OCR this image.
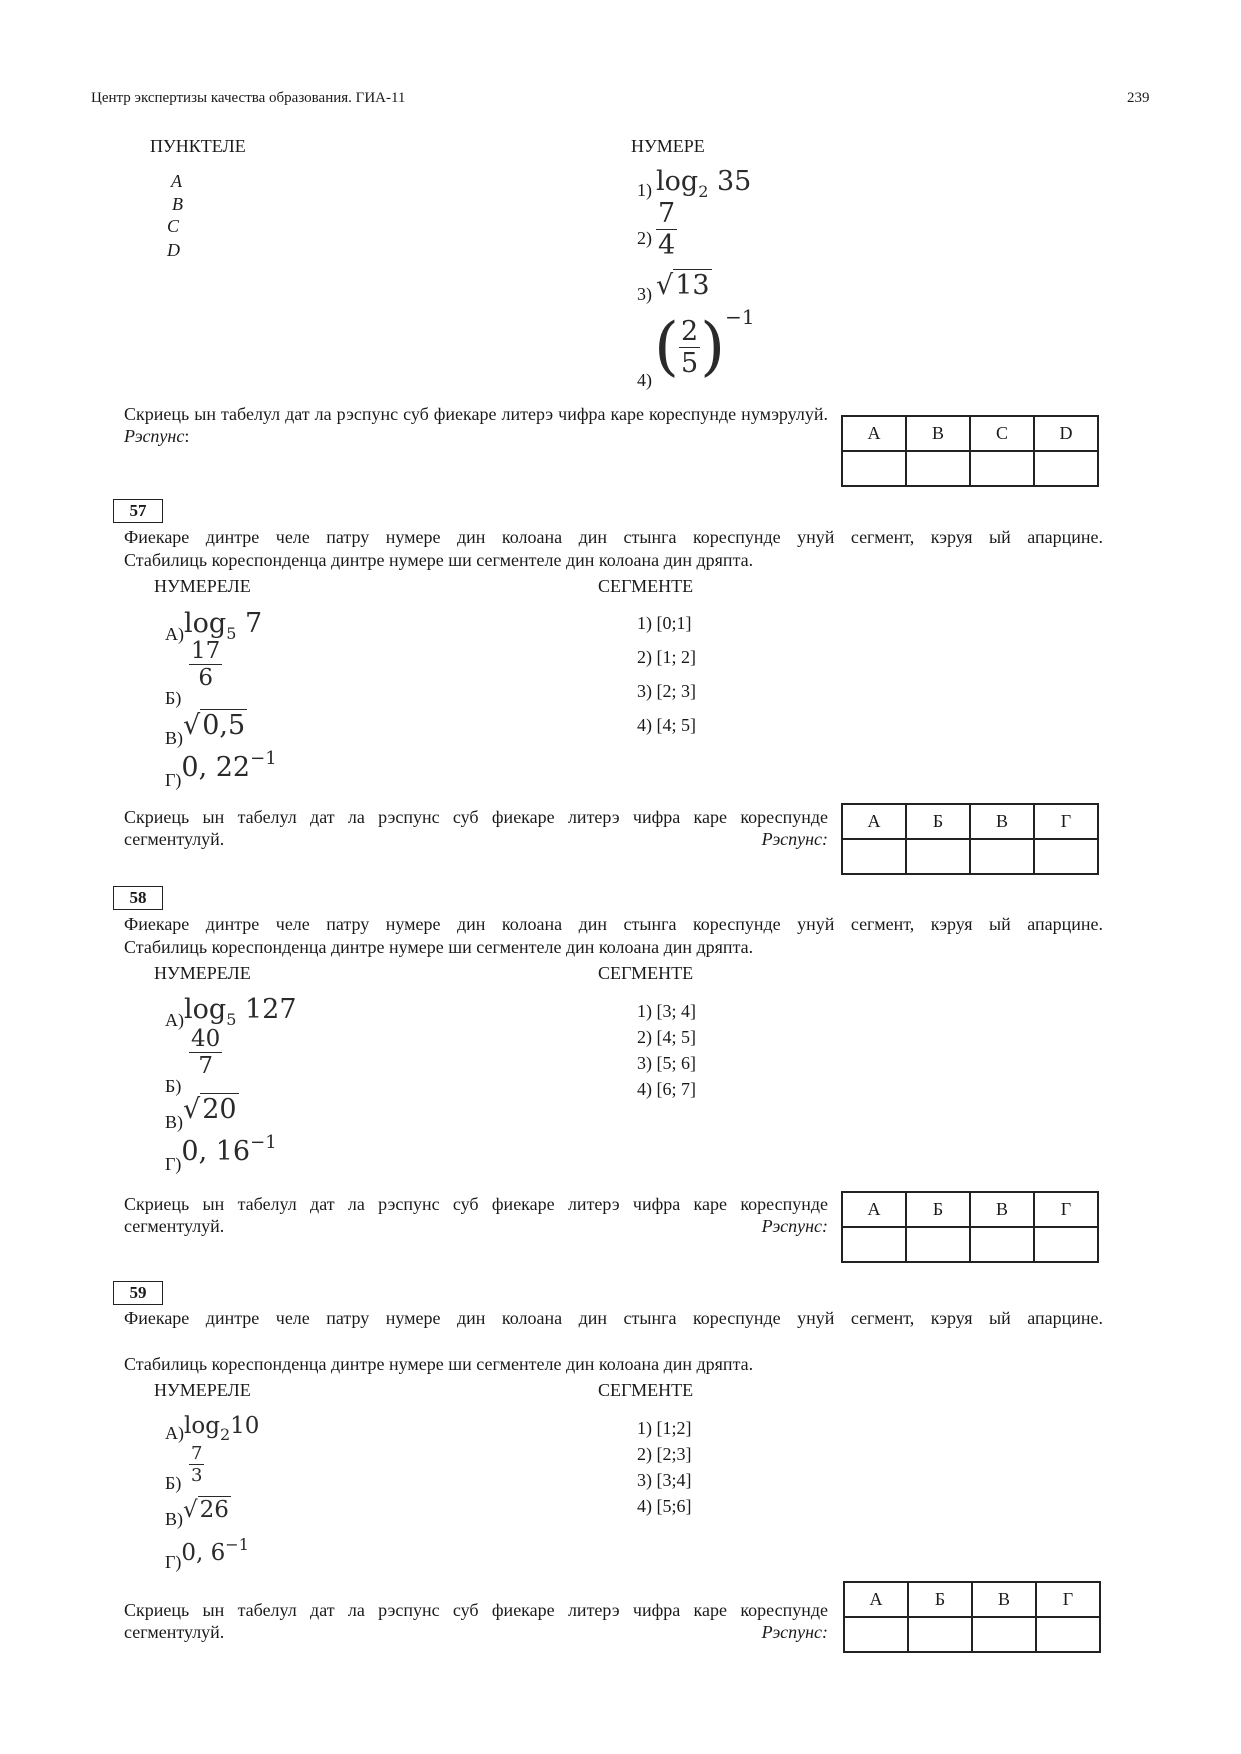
Центр экспертизы качества образования. ГИА-11	239
ПУНКТЕЛЕ	НУМЕРЕ
A
B
C
D
1) $\log_2 35$
$2) \frac{7}{4}$
3) √13
4) ( $\frac{2}{5} )-1$
Скриець ын табелул дат ла рэспунс суб фиекаре литерэ чифра каре корeспунде нумэрулуй. Рэспунс:	A	B	C	D

57
Фиекаре динтре челе патру нумере дин колоана дин стынга кореспунде унуй сегмент, кэруя ый апарцине.
Стабилиць кореспонденца динтре нумере ши сегментеле дин колоана дин дряпта.
НУМЕРЕЛЕ	СЕГМЕНТЕ
$А)\log_5$ 7
Б)
$\frac{17}{6}$
В)√0,5
Г)0, $22^{-1}$
1) [0;1]
2) [1; 2]
3) [2; 3]
4) [4; 5]
Скриець ын табелул дат ла рэспунс суб фиекаре литерэ чифра каре кореспунде сегментулуй.	Рэспунс:
А	Б	В	Г

58
Фиекаре динтре челе патру нумере дин колоана дин стынга кореспунде унуй сегмент, кэруя ый апарцине.
Стабилиць кореспонденца динтре нумере ши сегментеле дин колоана дин дряпта.
НУМЕРЕЛЕ	СЕГМЕНТЕ
$А)\log_5$ 127
Б)
$\frac{40}{7}$
В)√20
Г)0, $16^{-1}$
1) [3; 4]
2) [4; 5]
3) [5; 6]
4) [6; 7]
Скриець ын табелул дат ла рэспунс суб фиекаре литерэ чифра каре кореспунде сегментулуй.	Рэспунс:
А	Б	В	Г

59
Фиекаре динтре челе патру нумере дин колоана дин стынга кореспунде унуй сегмент, кэруя ый апарцине.
Стабилиць кореспонденца динтре нумере ши сегментеле дин колоана дин дряпта.
НУМЕРЕЛЕ	СЕГМЕНТЕ
$А)\log_210$
$Б) \frac{7}{3}$
В)√26
Г)0, $6^{-1}$
1) [1;2]
2) [2;3]
3) [3;4]
4) [5;6]
Скриець ын табелул дат ла рэспунс суб фиекаре литерэ чифра каре кореспунде сегментулуй.	Рэспунс:
А	Б	В	Г
